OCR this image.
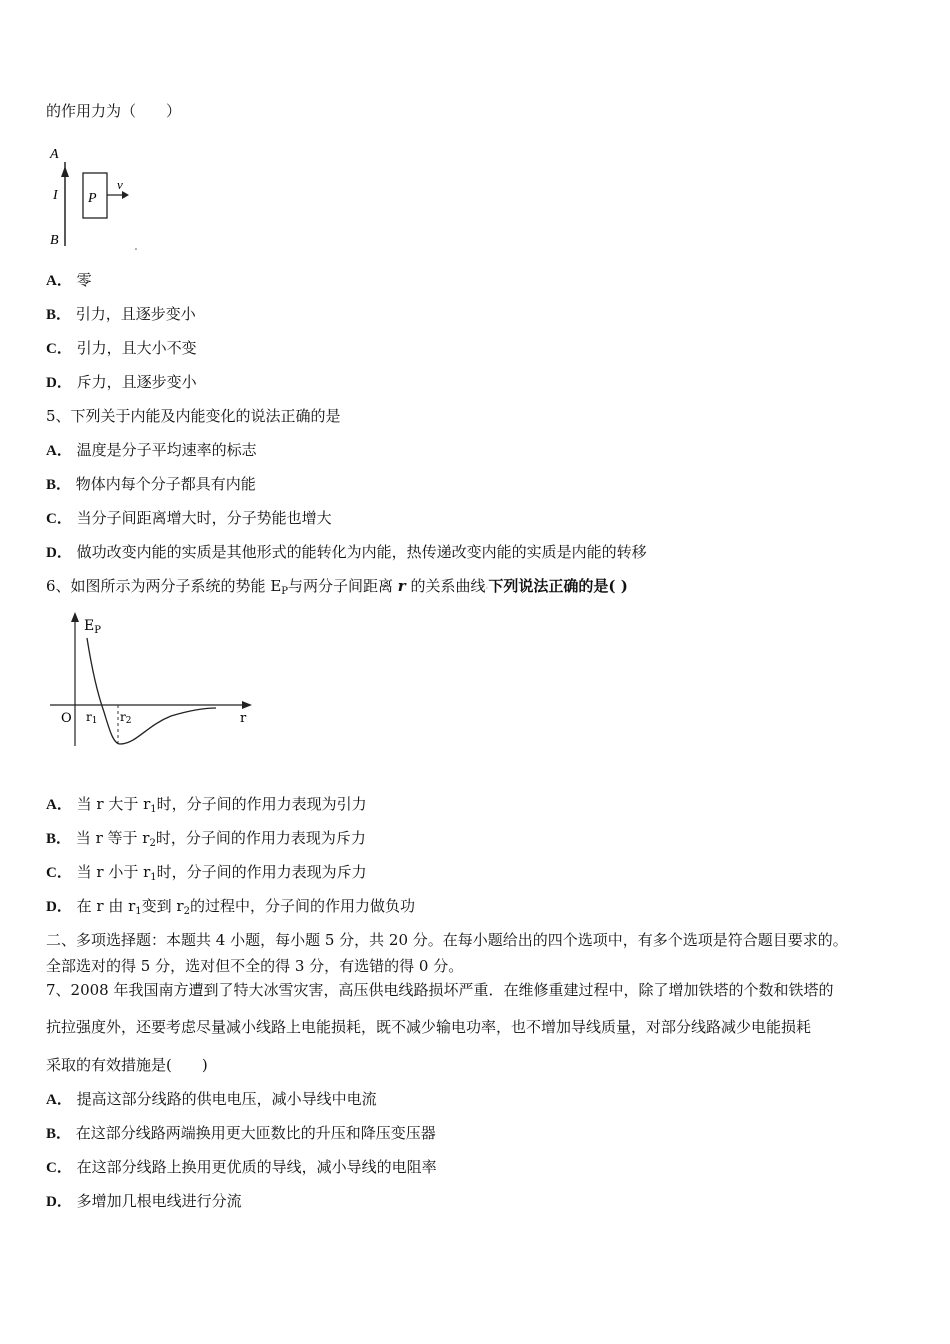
的作用力为（　　）
A
I
B
P
v
A． 零
B． 引力，且逐步变小
C． 引力，且大小不变
D． 斥力，且逐步变小
5、下列关于内能及内能变化的说法正确的是
A． 温度是分子平均速率的标志
B． 物体内每个分子都具有内能
C． 当分子间距离增大时，分子势能也增大
D． 做功改变内能的实质是其他形式的能转化为内能，热传递改变内能的实质是内能的转移
6、如图所示为两分子系统的势能 $E_P$与两分子间距离 r 的关系曲线·下列说法正确的是( )
$E_P$
O r1 r2	r
A． 当 r 大于 $r_1$时，分子间的作用力表现为引力
B． 当 r 等于 $r_2$时，分子间的作用力表现为斥力
C． 当 r 小于 $r_1$时，分子间的作用力表现为斥力
D． 在 r 由 $r_1$变到 $r_2$的过程中，分子间的作用力做负功
二、多项选择题：本题共 4 小题，每小题 5 分，共 20 分。在每小题给出的四个选项中，有多个选项是符合题目要求的。
全部选对的得 5 分，选对但不全的得 3 分，有选错的得 0 分。
7、2008 年我国南方遭到了特大冰雪灾害，高压供电线路损坏严重．在维修重建过程中，除了增加铁塔的个数和铁塔的
抗拉强度外，还要考虑尽量减小线路上电能损耗，既不减少输电功率，也不增加导线质量，对部分线路减少电能损耗
采取的有效措施是(　　)
A． 提高这部分线路的供电电压，减小导线中电流
B． 在这部分线路两端换用更大匝数比的升压和降压变压器
C． 在这部分线路上换用更优质的导线，减小导线的电阻率
D． 多增加几根电线进行分流
